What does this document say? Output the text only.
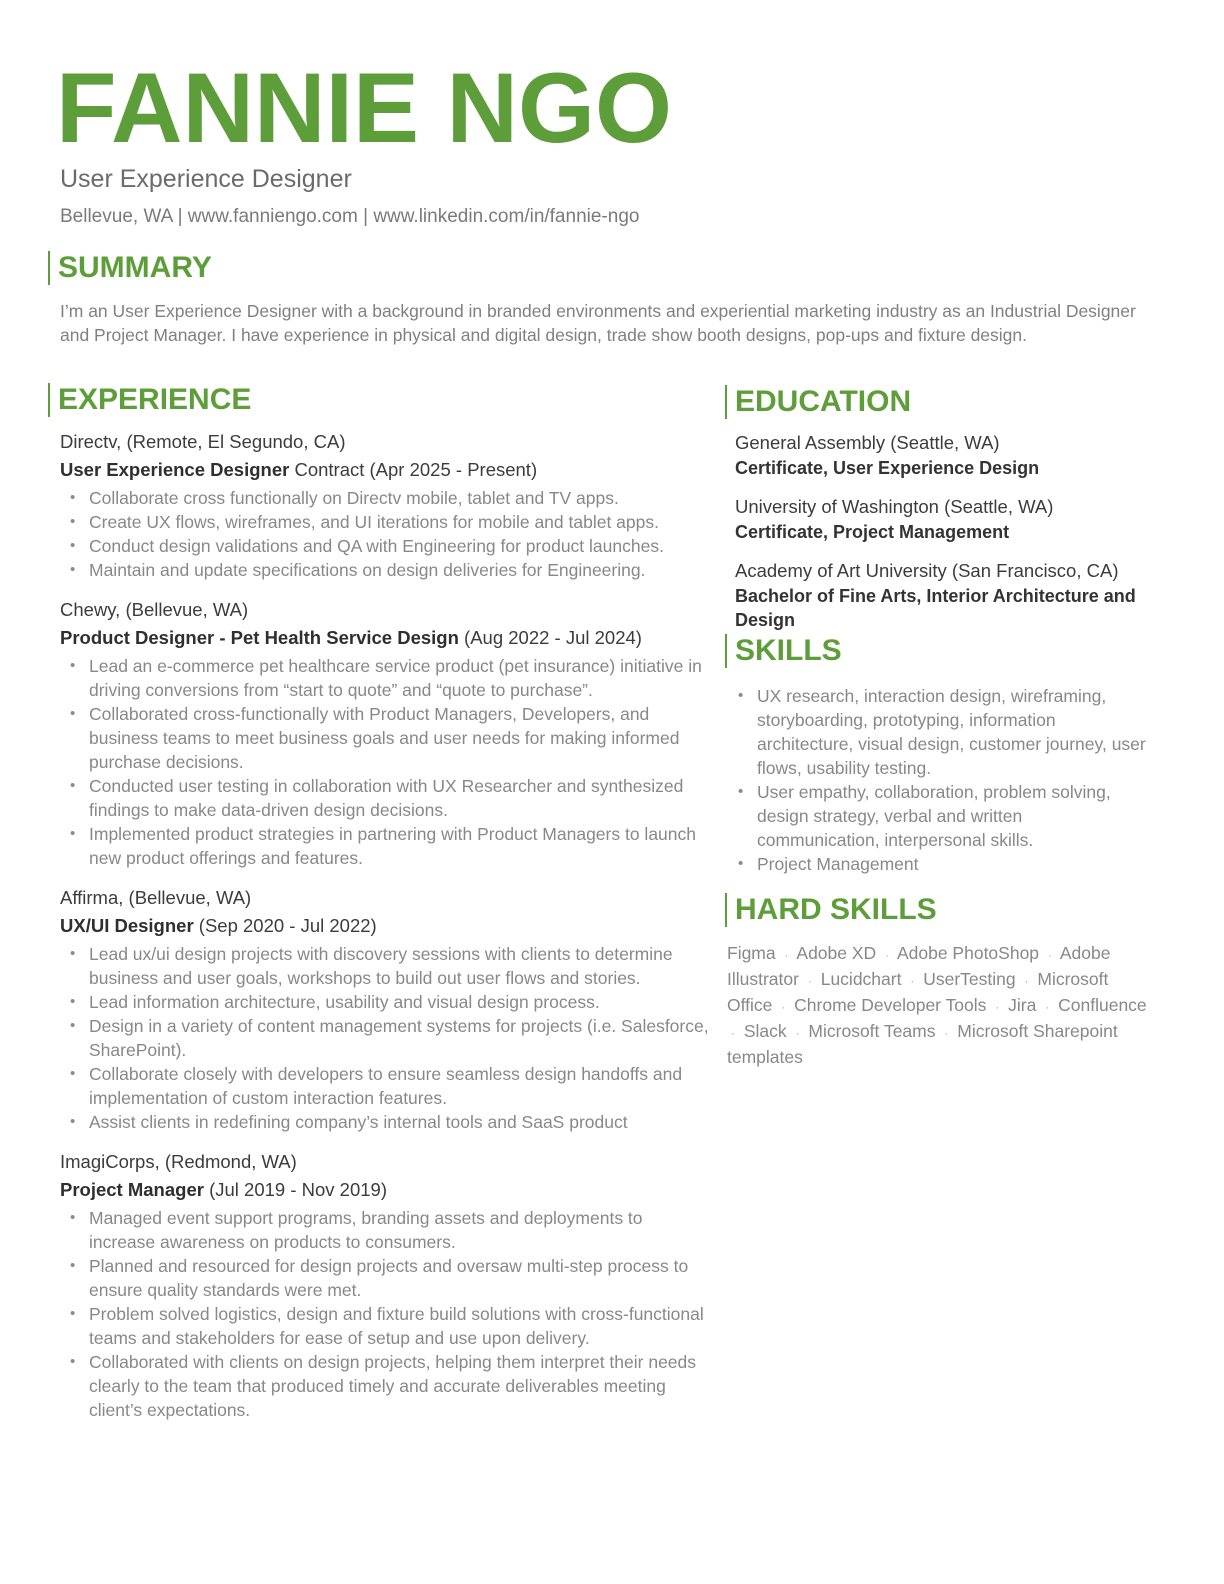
FANNIE NGO
User Experience Designer
Bellevue, WA | www.fanniengo.com | www.linkedin.com/in/fannie-ngo
SUMMARY
I’m an User Experience Designer with a background in branded environments and experiential marketing industry as an Industrial Designer and Project Manager. I have experience in physical and digital design, trade show booth designs, pop-ups and fixture design.
EXPERIENCE
Directv, (Remote, El Segundo, CA)
User Experience Designer Contract (Apr 2025 - Present)
• Collaborate cross functionally on Directv mobile, tablet and TV apps.
• Create UX flows, wireframes, and UI iterations for mobile and tablet apps.
• Conduct design validations and QA with Engineering for product launches.
• Maintain and update specifications on design deliveries for Engineering.
Chewy, (Bellevue, WA)
Product Designer - Pet Health Service Design (Aug 2022 - Jul 2024)
• Lead an e-commerce pet healthcare service product (pet insurance) initiative in driving conversions from “start to quote” and “quote to purchase”.
• Collaborated cross-functionally with Product Managers, Developers, and business teams to meet business goals and user needs for making informed purchase decisions.
• Conducted user testing in collaboration with UX Researcher and synthesized findings to make data-driven design decisions.
• Implemented product strategies in partnering with Product Managers to launch new product offerings and features.
Affirma, (Bellevue, WA)
UX/UI Designer (Sep 2020 - Jul 2022)
• Lead ux/ui design projects with discovery sessions with clients to determine business and user goals, workshops to build out user flows and stories.
• Lead information architecture, usability and visual design process.
• Design in a variety of content management systems for projects (i.e. Salesforce, SharePoint).
• Collaborate closely with developers to ensure seamless design handoffs and implementation of custom interaction features.
• Assist clients in redefining company’s internal tools and SaaS product
ImagiCorps, (Redmond, WA)
Project Manager (Jul 2019 - Nov 2019)
• Managed event support programs, branding assets and deployments to increase awareness on products to consumers.
• Planned and resourced for design projects and oversaw multi-step process to ensure quality standards were met.
• Problem solved logistics, design and fixture build solutions with cross-functional teams and stakeholders for ease of setup and use upon delivery.
• Collaborated with clients on design projects, helping them interpret their needs clearly to the team that produced timely and accurate deliverables meeting client’s expectations.
EDUCATION
General Assembly (Seattle, WA)
Certificate, User Experience Design
University of Washington (Seattle, WA)
Certificate, Project Management
Academy of Art University (San Francisco, CA)
Bachelor of Fine Arts, Interior Architecture and Design
SKILLS
• UX research, interaction design, wireframing, storyboarding, prototyping, information architecture, visual design, customer journey, user flows, usability testing.
• User empathy, collaboration, problem solving, design strategy, verbal and written communication, interpersonal skills.
• Project Management
HARD SKILLS
Figma · Adobe XD · Adobe PhotoShop · Adobe Illustrator · Lucidchart · UserTesting · Microsoft Office · Chrome Developer Tools · Jira · Confluence · Slack · Microsoft Teams · Microsoft Sharepoint templates
